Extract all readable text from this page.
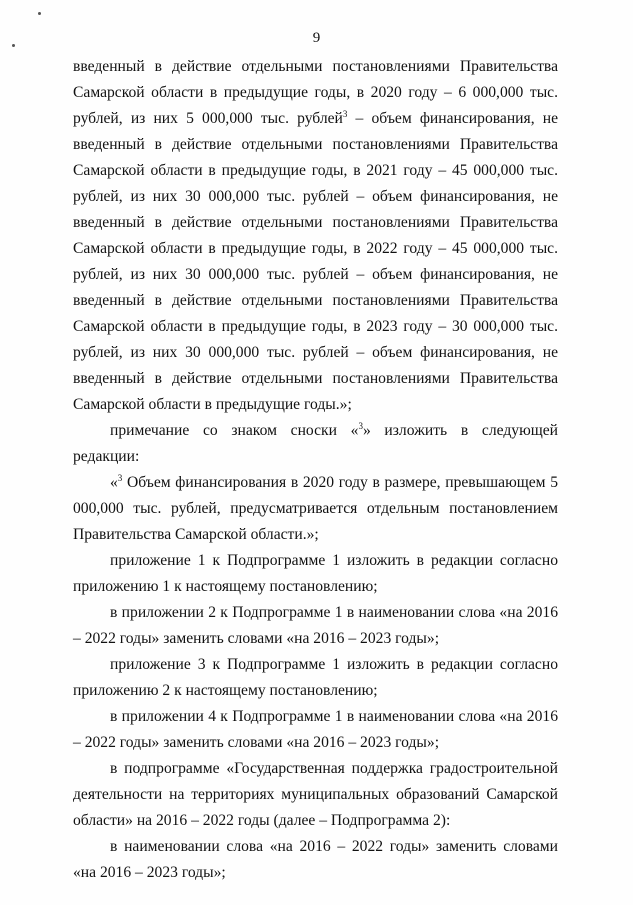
9

введенный в действие отдельными постановлениями Правительства Самарской области в предыдущие годы, в 2020 году – 6 000,000 тыс. рублей, из них 5 000,000 тыс. рублей$^3$ – объем финансирования, не введенный в действие отдельными постановлениями Правительства Самарской области в предыдущие годы, в 2021 году – 45 000,000 тыс. рублей, из них 30 000,000 тыс. рублей – объем финансирования, не введенный в действие отдельными постановлениями Правительства Самарской области в предыдущие годы, в 2022 году – 45 000,000 тыс. рублей, из них 30 000,000 тыс. рублей – объем финансирования, не введенный в действие отдельными постановлениями Правительства Самарской области в предыдущие годы, в 2023 году – 30 000,000 тыс. рублей, из них 30 000,000 тыс. рублей – объем финансирования, не введенный в действие отдельными постановлениями Правительства Самарской области в предыдущие годы.»;

примечание со знаком сноски «$^3$» изложить в следующей редакции:

«$^3$ Объем финансирования в 2020 году в размере, превышающем 5 000,000 тыс. рублей, предусматривается отдельным постановлением Правительства Самарской области.»;

приложение 1 к Подпрограмме 1 изложить в редакции согласно приложению 1 к настоящему постановлению;

в приложении 2 к Подпрограмме 1 в наименовании слова «на 2016 – 2022 годы» заменить словами «на 2016 – 2023 годы»;

приложение 3 к Подпрограмме 1 изложить в редакции согласно приложению 2 к настоящему постановлению;

в приложении 4 к Подпрограмме 1 в наименовании слова «на 2016 – 2022 годы» заменить словами «на 2016 – 2023 годы»;

в подпрограмме «Государственная поддержка градостроительной деятельности на территориях муниципальных образований Самарской области» на 2016 – 2022 годы (далее – Подпрограмма 2):

в наименовании слова «на 2016 – 2022 годы» заменить словами «на 2016 – 2023 годы»;
